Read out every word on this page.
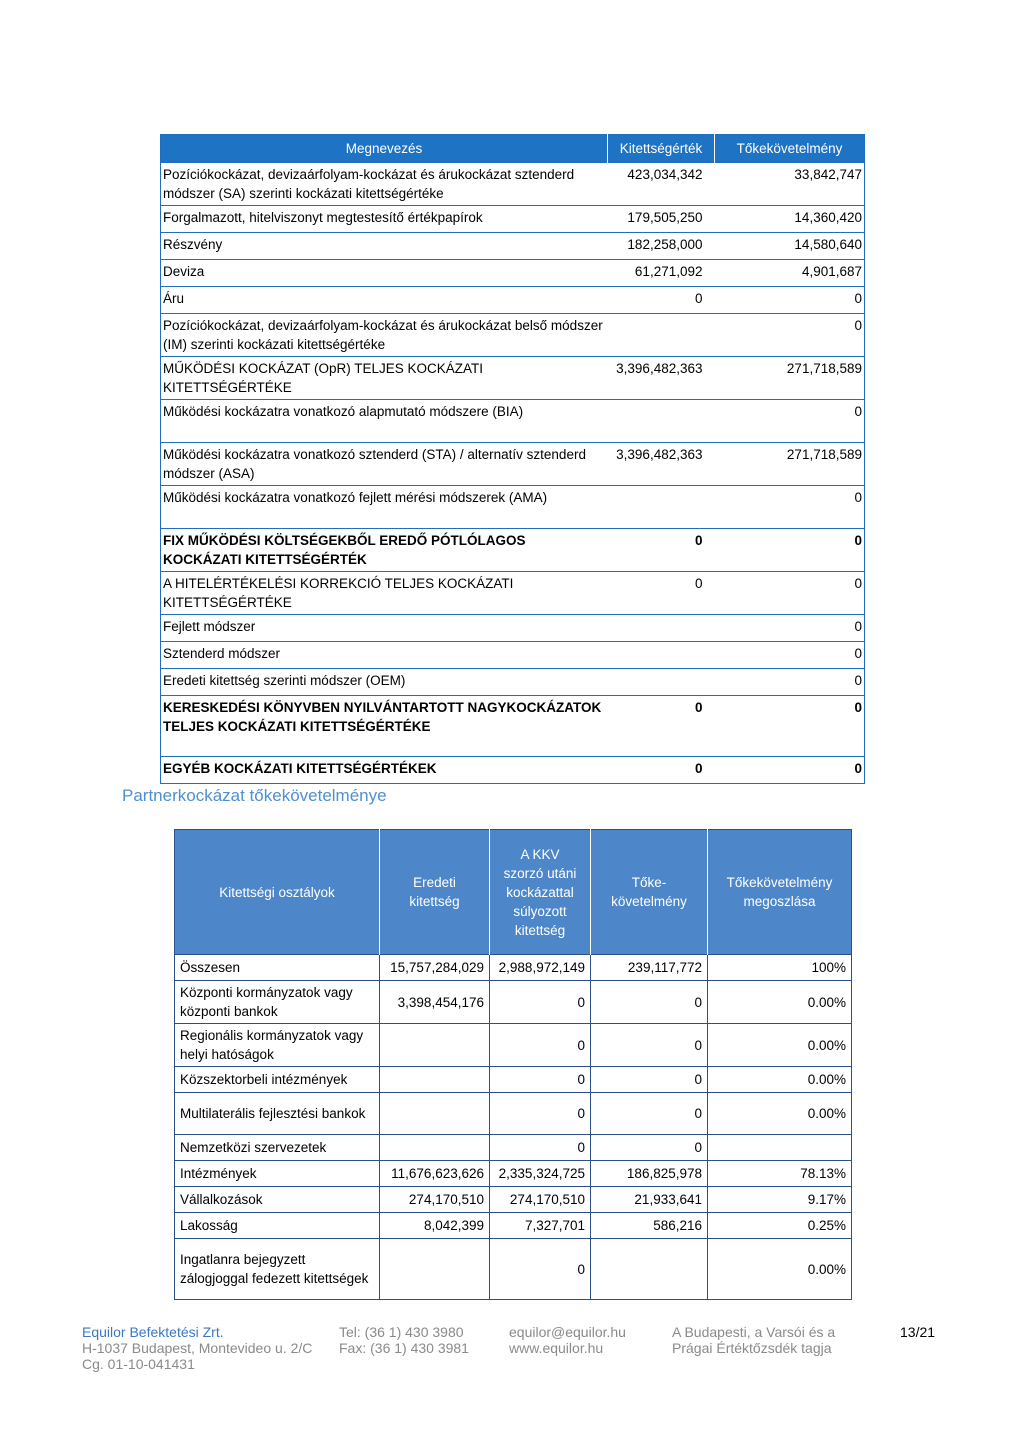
Megnevezés	Kitettségérték	Tőkekövetelmény
Pozíciókockázat, devizaárfolyam-kockázat és árukockázat sztenderd módszer (SA) szerinti kockázati kitettségértéke	423,034,342	33,842,747
Forgalmazott, hitelviszonyt megtestesítő értékpapírok	179,505,250	14,360,420
Részvény	182,258,000	14,580,640
Deviza	61,271,092	4,901,687
Áru	0	0
Pozíciókockázat, devizaárfolyam-kockázat és árukockázat belső módszer (IM) szerinti kockázati kitettségértéke		0
MŰKÖDÉSI KOCKÁZAT (OpR) TELJES KOCKÁZATI KITETTSÉGÉRTÉKE	3,396,482,363	271,718,589
Működési kockázatra vonatkozó alapmutató módszere (BIA)		0
Működési kockázatra vonatkozó sztenderd (STA) / alternatív sztenderd módszer (ASA)	3,396,482,363	271,718,589
Működési kockázatra vonatkozó fejlett mérési módszerek (AMA)		0
FIX MŰKÖDÉSI KÖLTSÉGEKBŐL EREDŐ PÓTLÓLAGOS KOCKÁZATI KITETTSÉGÉRTÉK	0	0
A HITELÉRTÉKELÉSI KORREKCIÓ TELJES KOCKÁZATI KITETTSÉGÉRTÉKE	0	0
Fejlett módszer		0
Sztenderd módszer		0
Eredeti kitettség szerinti módszer (OEM)		0
KERESKEDÉSI KÖNYVBEN NYILVÁNTARTOTT NAGYKOCKÁZATOK TELJES KOCKÁZATI KITETTSÉGÉRTÉKE	0	0
EGYÉB KOCKÁZATI KITETTSÉGÉRTÉKEK	0	0
Partnerkockázat tőkekövetelménye
Kitettségi osztályok	Eredeti kitettség	A KKV szorzó utáni kockázattal súlyozott kitettség	Tőke-követelmény	Tőkekövetelmény megoszlása
Összesen	15,757,284,029	2,988,972,149	239,117,772	100%
Központi kormányzatok vagy központi bankok	3,398,454,176	0	0	0.00%
Regionális kormányzatok vagy helyi hatóságok		0	0	0.00%
Közszektorbeli intézmények		0	0	0.00%
Multilaterális fejlesztési bankok		0	0	0.00%
Nemzetközi szervezetek		0	0	
Intézmények	11,676,623,626	2,335,324,725	186,825,978	78.13%
Vállalkozások	274,170,510	274,170,510	21,933,641	9.17%
Lakosság	8,042,399	7,327,701	586,216	0.25%
Ingatlanra bejegyzett zálogjoggal fedezett kitettségek		0		0.00%
Equilor Befektetési Zrt.
H-1037 Budapest, Montevideo u. 2/C
Cg. 01-10-041431
Tel: (36 1) 430 3980
Fax: (36 1) 430 3981
equilor@equilor.hu
www.equilor.hu
A Budapesti, a Varsói és a
Prágai Értéktőzsdék tagja
13/21
